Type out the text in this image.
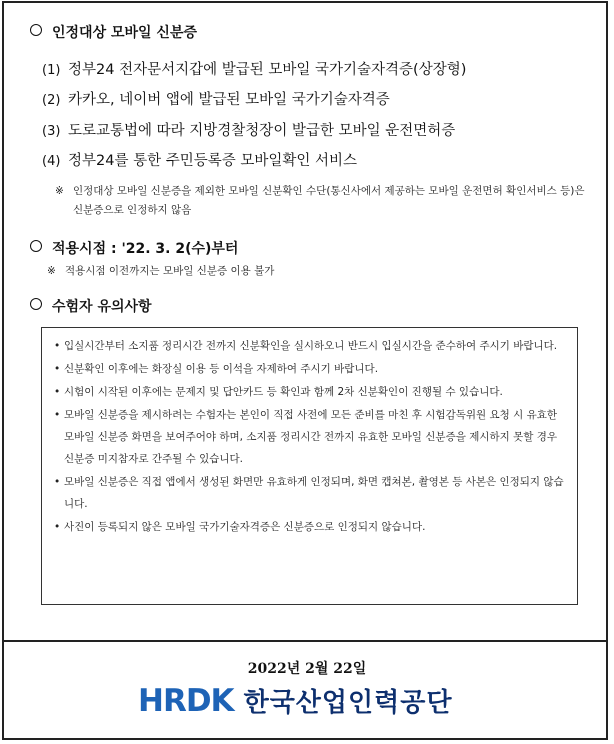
인정대상 모바일 신분증
(1) 정부24 전자문서지갑에 발급된 모바일 국가기술자격증(상장형)
(2) 카카오, 네이버 앱에 발급된 모바일 국가기술자격증
(3) 도로교통법에 따라 지방경찰청장이 발급한 모바일 운전면허증
(4) 정부24를 통한 주민등록증 모바일확인 서비스
※ 인정대상 모바일 신분증을 제외한 모바일 신분확인 수단(통신사에서 제공하는 모바일 운전면허 확인서비스 등)은 신분증으로 인정하지 않음
적용시점 : '22. 3. 2(수)부터
※ 적용시점 이전까지는 모바일 신분증 이용 불가
수험자 유의사항
• 입실시간부터 소지품 정리시간 전까지 신분확인을 실시하오니 반드시 입실시간을 준수하여 주시기 바랍니다.
• 신분확인 이후에는 화장실 이용 등 이석을 자제하여 주시기 바랍니다.
• 시험이 시작된 이후에는 문제지 및 답안카드 등 확인과 함께 2차 신분확인이 진행될 수 있습니다.
• 모바일 신분증을 제시하려는 수험자는 본인이 직접 사전에 모든 준비를 마친 후 시험감독위원 요청 시 유효한 모바일 신분증 화면을 보여주어야 하며, 소지품 정리시간 전까지 유효한 모바일 신분증을 제시하지 못할 경우 신분증 미지참자로 간주될 수 있습니다.
• 모바일 신분증은 직접 앱에서 생성된 화면만 유효하게 인정되며, 화면 캡쳐본, 촬영본 등 사본은 인정되지 않습니다.
• 사진이 등록되지 않은 모바일 국가기술자격증은 신분증으로 인정되지 않습니다.
2022년 2월 22일
HRDK 한국산업인력공단
